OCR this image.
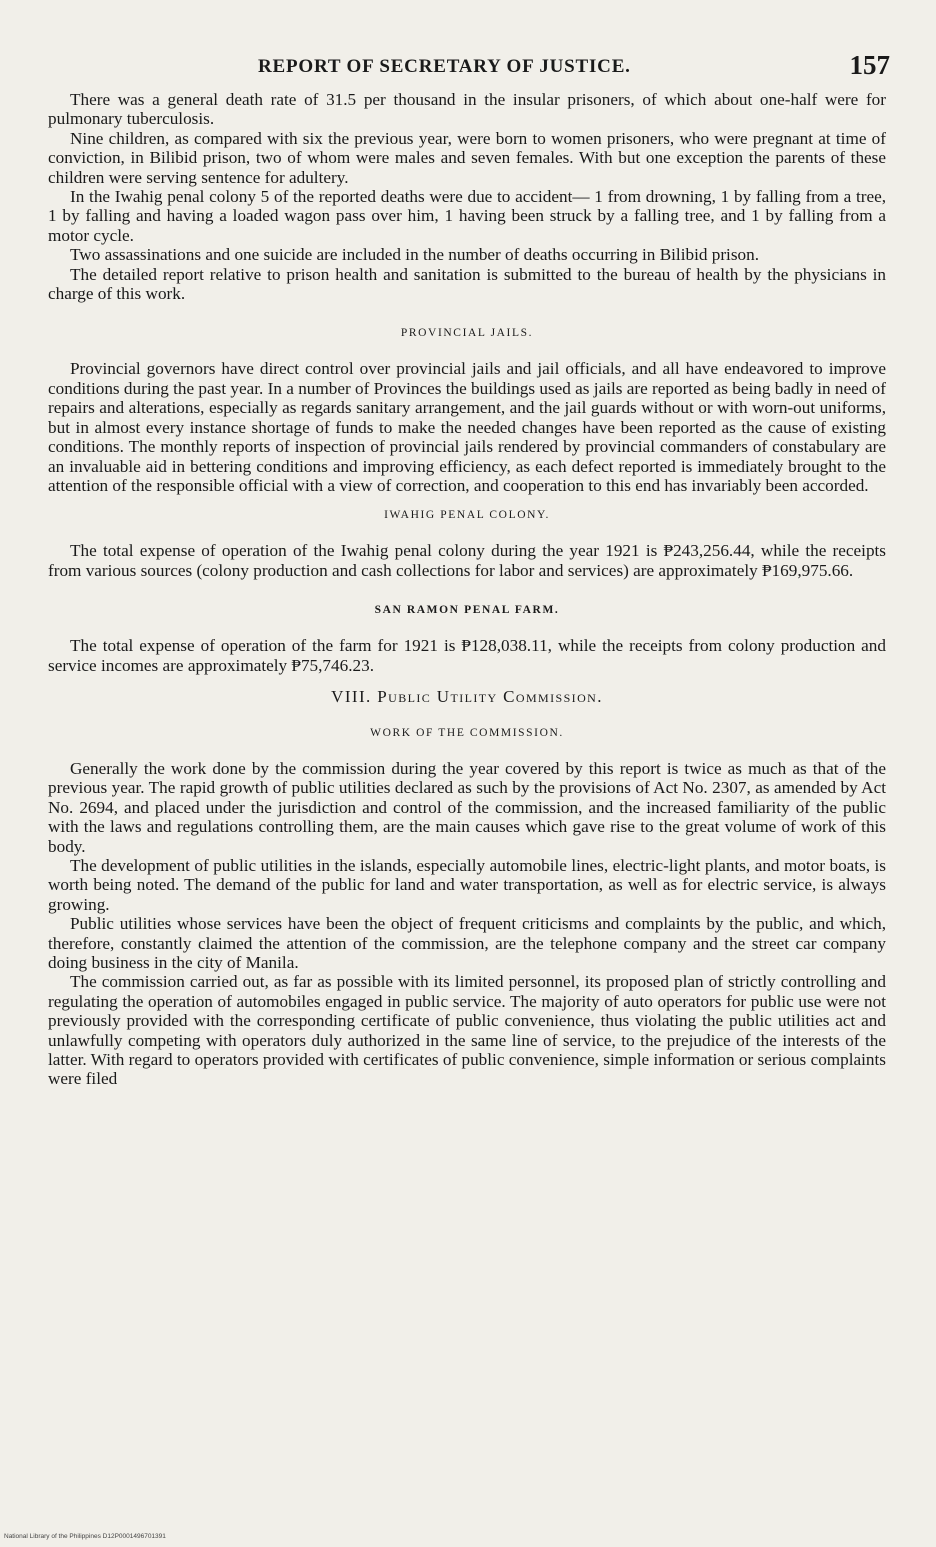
REPORT OF SECRETARY OF JUSTICE.	157

There was a general death rate of 31.5 per thousand in the insular prisoners, of which about one-half were for pulmonary tuberculosis.

Nine children, as compared with six the previous year, were born to women prisoners, who were pregnant at time of conviction, in Bilibid prison, two of whom were males and seven females. With but one exception the parents of these children were serving sentence for adultery.

In the Iwahig penal colony 5 of the reported deaths were due to accident— 1 from drowning, 1 by falling from a tree, 1 by falling and having a loaded wagon pass over him, 1 having been struck by a falling tree, and 1 by falling from a motor cycle.

Two assassinations and one suicide are included in the number of deaths occurring in Bilibid prison.

The detailed report relative to prison health and sanitation is submitted to the bureau of health by the physicians in charge of this work.

PROVINCIAL JAILS.

Provincial governors have direct control over provincial jails and jail officials, and all have endeavored to improve conditions during the past year. In a number of Provinces the buildings used as jails are reported as being badly in need of repairs and alterations, especially as regards sanitary arrangement, and the jail guards without or with worn-out uniforms, but in almost every instance shortage of funds to make the needed changes have been reported as the cause of existing conditions. The monthly reports of inspection of provincial jails rendered by provincial commanders of constabulary are an invaluable aid in bettering conditions and improving efficiency, as each defect reported is immediately brought to the attention of the responsible official with a view of correction, and cooperation to this end has invariably been accorded.

IWAHIG PENAL COLONY.

The total expense of operation of the Iwahig penal colony during the year 1921 is ₱243,256.44, while the receipts from various sources (colony production and cash collections for labor and services) are approximately ₱169,975.66.

SAN RAMON PENAL FARM.

The total expense of operation of the farm for 1921 is ₱128,038.11, while the receipts from colony production and service incomes are approximately ₱75,746.23.

VIII. Public Utility Commission.
WORK OF THE COMMISSION.

Generally the work done by the commission during the year covered by this report is twice as much as that of the previous year. The rapid growth of public utilities declared as such by the provisions of Act No. 2307, as amended by Act No. 2694, and placed under the jurisdiction and control of the commission, and the increased familiarity of the public with the laws and regulations controlling them, are the main causes which gave rise to the great volume of work of this body.

The development of public utilities in the islands, especially automobile lines, electric-light plants, and motor boats, is worth being noted. The demand of the public for land and water transportation, as well as for electric service, is always growing.

Public utilities whose services have been the object of frequent criticisms and complaints by the public, and which, therefore, constantly claimed the attention of the commission, are the telephone company and the street car company doing business in the city of Manila.

The commission carried out, as far as possible with its limited personnel, its proposed plan of strictly controlling and regulating the operation of automobiles engaged in public service. The majority of auto operators for public use were not previously provided with the corresponding certificate of public convenience, thus violating the public utilities act and unlawfully competing with operators duly authorized in the same line of service, to the prejudice of the interests of the latter. With regard to operators provided with certificates of public convenience, simple information or serious complaints were filed

National Library of the Philippines D12P0001496701391
